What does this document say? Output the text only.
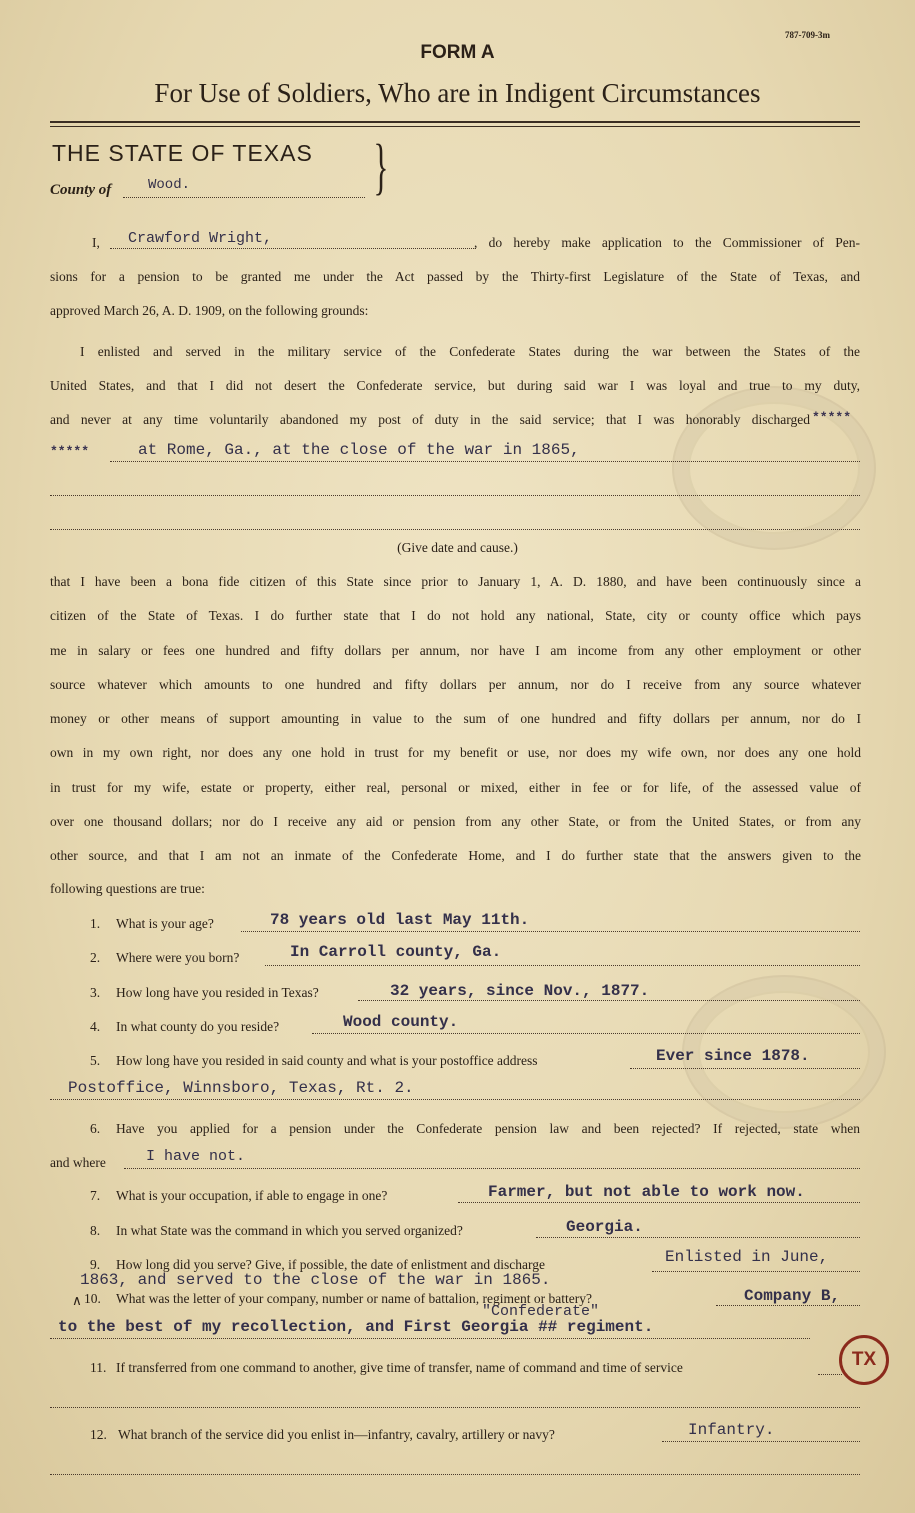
787-709-3m
FORM A
For Use of Soldiers, Who are in Indigent Circumstances
THE STATE OF TEXAS }
County of	Wood.
I, Crawford Wright,	, do hereby make application to the Commissioner of Pen-
sions for a pension to be granted me under the Act passed by the Thirty-first Legislature of the State of Texas, and
approved March 26, A. D. 1909, on the following grounds:
I enlisted and served in the military service of the Confederate States during the war between the States of the
United States, and that I did not desert the Confederate service, but during said war I was loyal and true to my duty,
and never at any time voluntarily abandoned my post of duty in the said service; that I was honorably discharged *****
*****	at Rome, Ga., at the close of the war in 1865,
(Give date and cause.)
that I have been a bona fide citizen of this State since prior to January 1, A. D. 1880, and have been continuously since a
citizen of the State of Texas. I do further state that I do not hold any national, State, city or county office which pays
me in salary or fees one hundred and fifty dollars per annum, nor have I am income from any other employment or other
source whatever which amounts to one hundred and fifty dollars per annum, nor do I receive from any source whatever
money or other means of support amounting in value to the sum of one hundred and fifty dollars per annum, nor do I
own in my own right, nor does any one hold in trust for my benefit or use, nor does my wife own, nor does any one hold
in trust for my wife, estate or property, either real, personal or mixed, either in fee or for life, of the assessed value of
over one thousand dollars; nor do I receive any aid or pension from any other State, or from the United States, or from any
other source, and that I am not an inmate of the Confederate Home, and I do further state that the answers given to the
following questions are true:
1. What is your age?	78 years old last May 11th.
2. Where were you born?	In Carroll county, Ga.
3. How long have you resided in Texas?	32 years, since Nov., 1877.
4. In what county do you reside?	Wood county.
5. How long have you resided in said county and what is your postoffice address	Ever since 1878.
Postoffice, Winnsboro, Texas, Rt. 2.
6. Have you applied for a pension under the Confederate pension law and been rejected? If rejected, state when
and where	I have not.
7. What is your occupation, if able to engage in one?	Farmer, but not able to work now.
8. In what State was the command in which you served organized?	Georgia.
9. How long did you serve? Give, if possible, the date of enlistment and discharge	Enlisted in June,
1863, and served to the close of the war in 1865.
∧ 10. What was the letter of your company, number or name of battalion, regiment or battery?	Company B,
"Confederate"
to the best of my recollection, and First Georgia ## regiment.
11. If transferred from one command to another, give time of transfer, name of command and time of service
12. What branch of the service did you enlist in—infantry, cavalry, artillery or navy?	Infantry.
TX
